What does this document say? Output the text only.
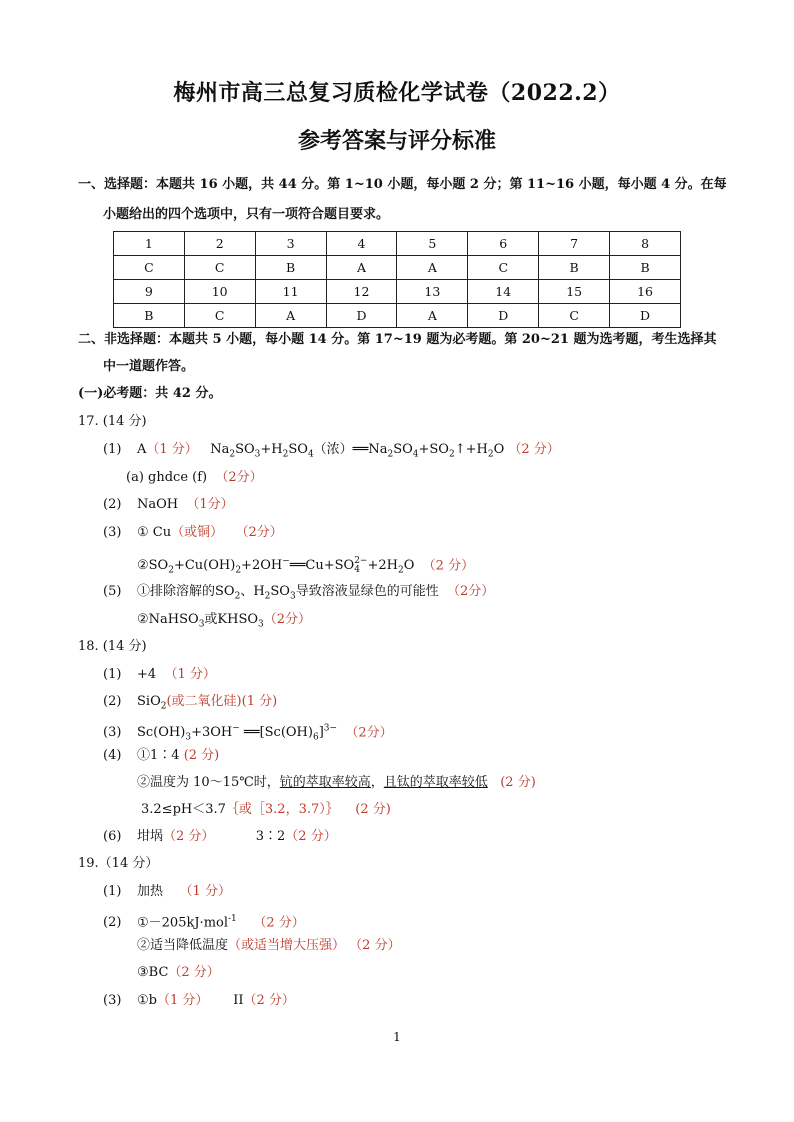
梅州市高三总复习质检化学试卷（2022.2）
参考答案与评分标准
一、选择题：本题共 16 小题，共 44 分。第 1~10 小题，每小题 2 分；第 11~16 小题，每小题 4 分。在每
小题给出的四个选项中，只有一项符合题目要求。
1	2	3	4	5	6	7	8
C	C	B	A	A	C	B	B
9	10	11	12	13	14	15	16
B	C	A	D	A	D	C	D
二、非选择题：本题共 5 小题，每小题 14 分。第 17~19 题为必考题。第 20~21 题为选考题，考生选择其
中一道题作答。
(一)必考题：共 42 分。
17. (14 分)
(1) A（1 分） $Na_2SO_3+H_2SO_4$（浓）$══Na_2SO_4+SO_2↑+H_2O$ （2 分）
(a) ghdce (f) （2分）
(2) NaOH （1分）
(3) ① Cu（或铜） （2分）
$②SO_2+Cu(OH)_2+2OH^-══Cu+SO$ 2−
$4 +2H_2O$ （2 分）
(5) ①排除溶解的$SO_2$、$H_2SO_3$导致溶液显绿色的可能性 （2分）
②NaHSO$_3$或$KHSO_3(2$分）
18. (14 分)
(1) +4 （1 分）
(2) SiO$_2$(或二氧化硅)(1 分)
(3) $Sc(OH)_3+3OH^-$ $══[Sc(OH)_6]^{3-}$ （2分）
(4) ①1∶4 (2 分)
②温度为 10～15℃时，钪的萃取率较高，且钛的萃取率较低 (2 分)
3.2≤pH＜3.7｛或［3.2，3.7）｝ (2 分)
(6) 坩埚（2 分）	3∶2（2 分）
19.（14 分）
(1) 加热 （1 分）
(2) ①－205kJ·mol$^{-1}$ （2 分）
②适当降低温度（或适当增大压强） （2 分）
③BC（2 分）
(3) ①b（1 分） II（2 分）
1
